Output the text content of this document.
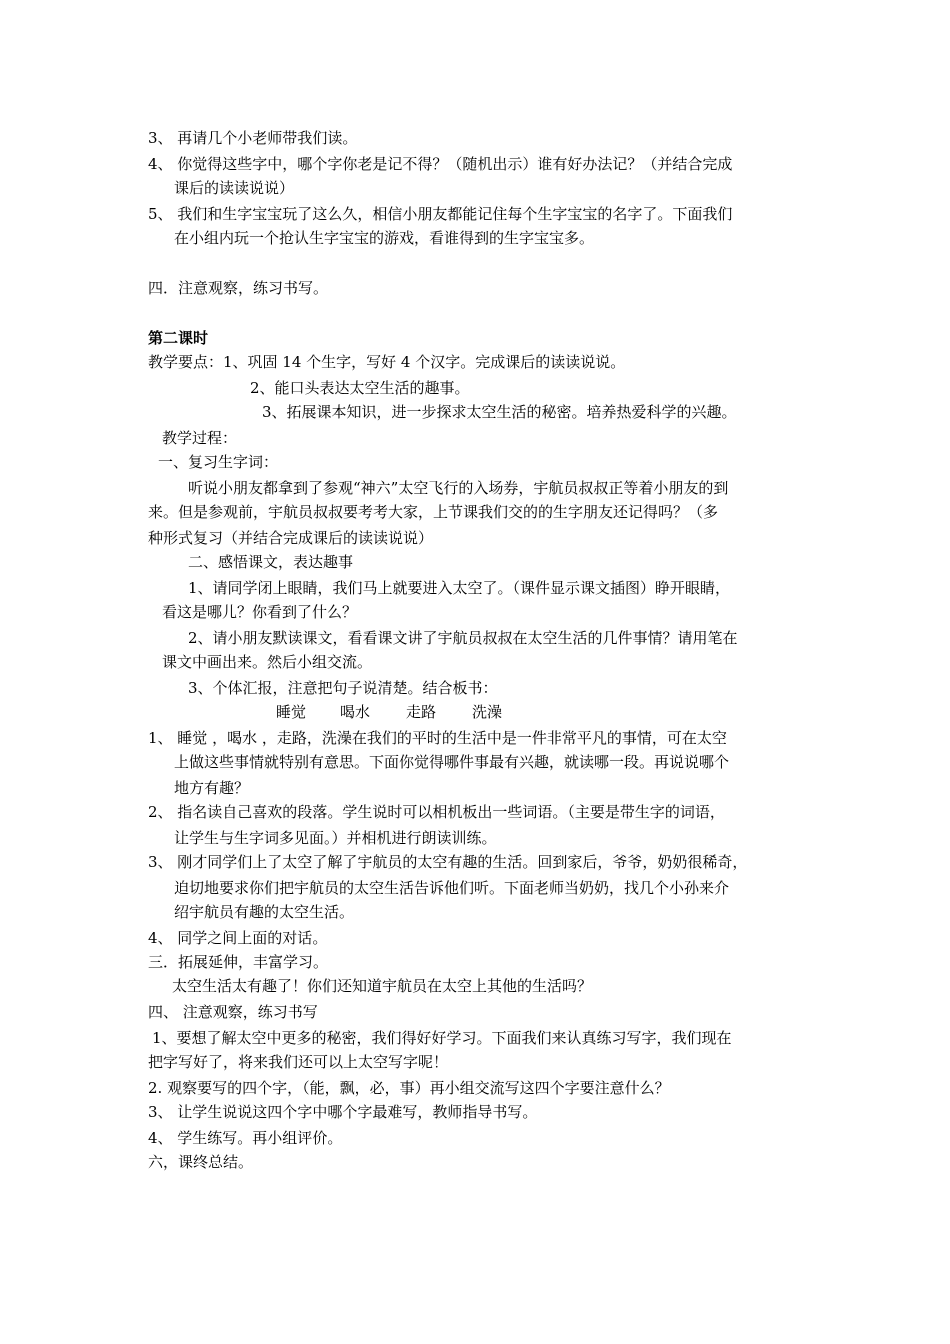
3、 再请几个小老师带我们读。
4、 你觉得这些字中，哪个字你老是记不得？（随机出示）谁有好办法记？（并结合完成
课后的读读说说）
5、 我们和生字宝宝玩了这么久，相信小朋友都能记住每个生字宝宝的名字了。下面我们
在小组内玩一个抢认生字宝宝的游戏，看谁得到的生字宝宝多。
四．注意观察，练习书写。
第二课时
教学要点：1、巩固 14 个生字，写好 4 个汉字。完成课后的读读说说。
2、能口头表达太空生活的趣事。
3、拓展课本知识，进一步探求太空生活的秘密。培养热爱科学的兴趣。
教学过程：
一、复习生字词：
听说小朋友都拿到了参观“神六”太空飞行的入场券，宇航员叔叔正等着小朋友的到
来。但是参观前，宇航员叔叔要考考大家，上节课我们交的的生字朋友还记得吗？（多
种形式复习（并结合完成课后的读读说说）
二、感悟课文，表达趣事
1、请同学闭上眼睛，我们马上就要进入太空了。（课件显示课文插图）睁开眼睛，
看这是哪儿？你看到了什么？
2、请小朋友默读课文，看看课文讲了宇航员叔叔在太空生活的几件事情？请用笔在
课文中画出来。然后小组交流。
3、个体汇报，注意把句子说清楚。结合板书：
睡觉 喝水 走路 洗澡
1、 睡觉 ，喝水 ，走路，洗澡在我们的平时的生活中是一件非常平凡的事情，可在太空
上做这些事情就特别有意思。下面你觉得哪件事最有兴趣，就读哪一段。再说说哪个
地方有趣？
2、 指名读自己喜欢的段落。学生说时可以相机板出一些词语。（主要是带生字的词语，
让学生与生字词多见面。）并相机进行朗读训练。
3、 刚才同学们上了太空了解了宇航员的太空有趣的生活。回到家后，爷爷，奶奶很稀奇，
迫切地要求你们把宇航员的太空生活告诉他们听。下面老师当奶奶，找几个小孙来介
绍宇航员有趣的太空生活。
4、 同学之间上面的对话。
三．拓展延伸，丰富学习。
太空生活太有趣了！你们还知道宇航员在太空上其他的生活吗？
四、 注意观察，练习书写
1、要想了解太空中更多的秘密，我们得好好学习。下面我们来认真练习写字，我们现在
把字写好了，将来我们还可以上太空写字呢！
2. 观察要写的四个字，（能，飘，必，事）再小组交流写这四个字要注意什么？
3、 让学生说说这四个字中哪个字最难写，教师指导书写。
4、 学生练写。再小组评价。
六，课终总结。
